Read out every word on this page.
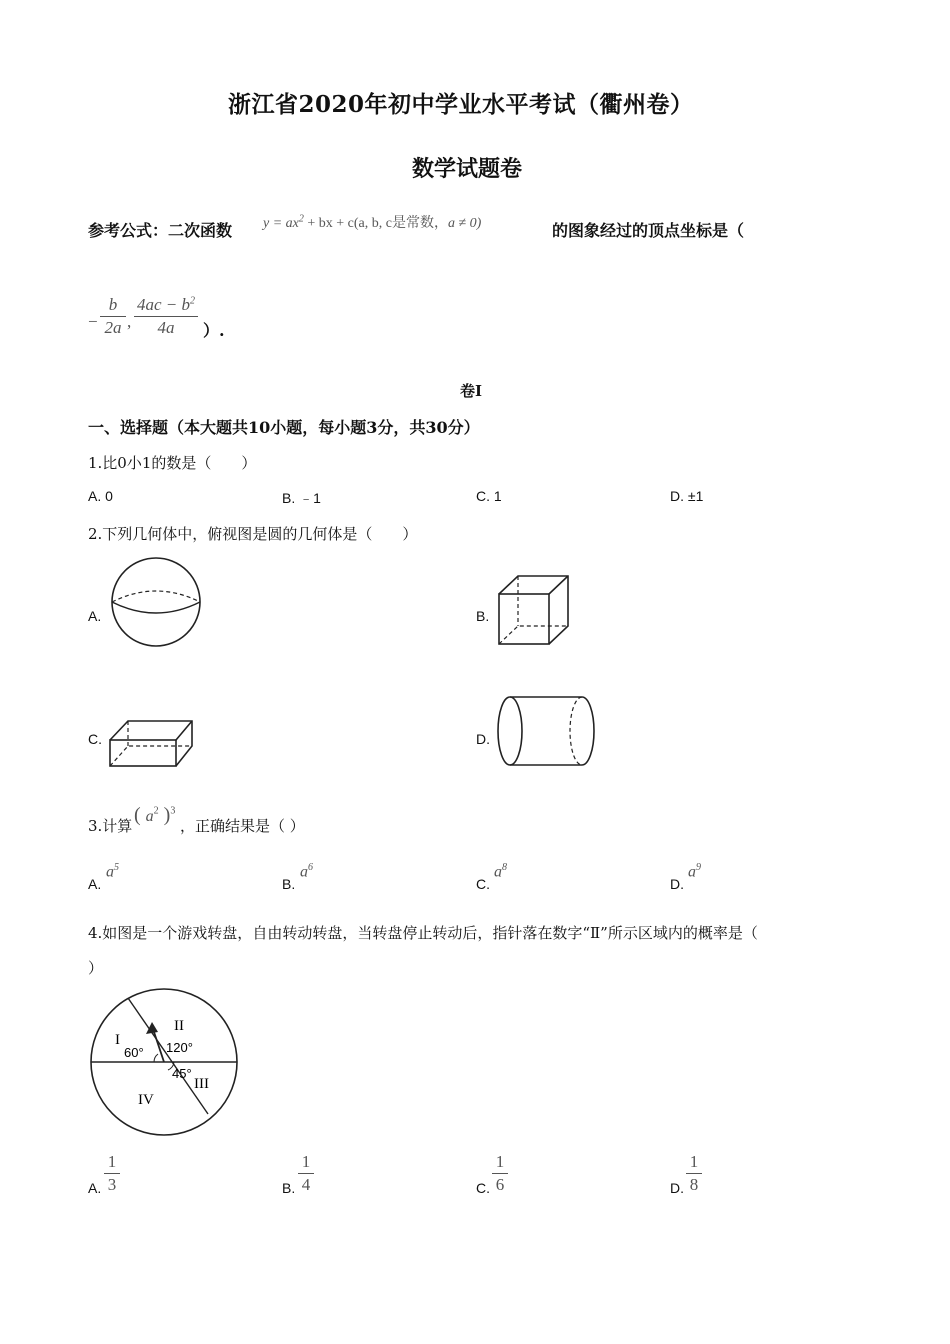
浙江省2020年初中学业水平考试（衢州卷）
数学试题卷
参考公式：二次函数 $y = ax^2$ + bx + c(a, b, c是常数，a ≠ 0)	的图象经过的顶点坐标是（
−
b
2a ,
$4ac - b^2$
4a	）.
卷Ⅰ
一、选择题（本大题共10小题，每小题3分，共30分）
1.比0小1的数是（　　）
A. 0	B. ﹣1	C. 1	D. ±1
2.下列几何体中，俯视图是圆的几何体是（　　）
A.	B.
C.	D.
3.计算 ( $a^2$ )$^3$
，正确结果是（ ）
A.
$a^5$
B.
$a^6$
C.
$a^8$
D.
$a^9$
4.如图是一个游戏转盘，自由转动转盘，当转盘停止转动后，指针落在数字“Ⅱ”所示区域内的概率是（
）
I
II
III
IV
60° 120°
45°
A.
1
3	B.
1
4	C.
1
6	D.
1
8
